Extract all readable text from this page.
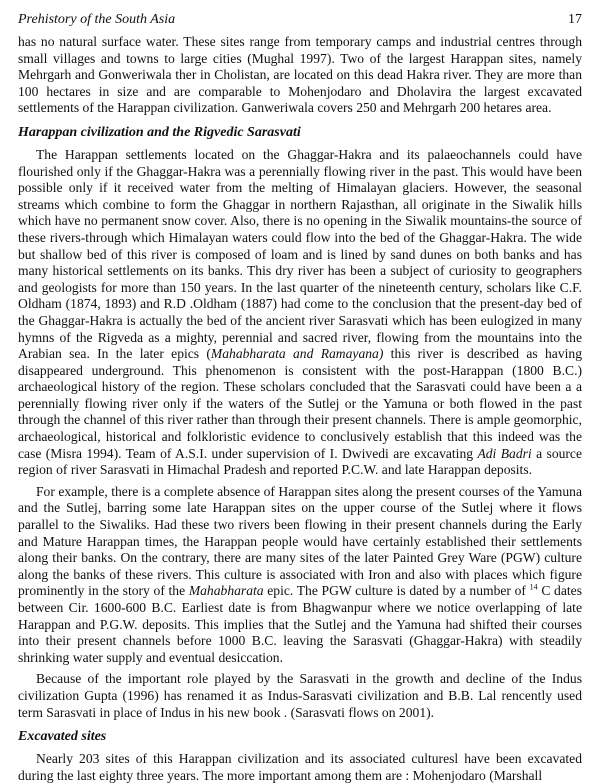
Prehistory of the South Asia	17

has no natural surface water. These sites range from temporary camps and industrial centres through small villages and towns to large cities (Mughal 1997). Two of the largest Harappan sites, namely Mehrgarh and Gonweriwala ther in Cholistan, are located on this dead Hakra river. They are more than 100 hectares in size and are comparable to Mohenjodaro and Dholavira the largest excavated settlements of the Harappan civilization. Ganweriwala covers 250 and Mehrgarh 200 hetares area.

Harappan civilization and the Rigvedic Sarasvati

The Harappan settlements located on the Ghaggar-Hakra and its palaeochannels could have flourished only if the Ghaggar-Hakra was a perennially flowing river in the past. This would have been possible only if it received water from the melting of Himalayan glaciers. However, the seasonal streams which combine to form the Ghaggar in northern Rajasthan, all originate in the Siwalik hills which have no permanent snow cover. Also, there is no opening in the Siwalik mountains-the source of these rivers-through which Himalayan waters could flow into the bed of the Ghaggar-Hakra. The wide but shallow bed of this river is composed of loam and is lined by sand dunes on both banks and has many historical settlements on its banks. This dry river has been a subject of curiosity to geographers and geologists for more than 150 years. In the last quarter of the nineteenth century, scholars like C.F. Oldham (1874, 1893) and R.D .Oldham (1887) had come to the conclusion that the present-day bed of the Ghaggar-Hakra is actually the bed of the ancient river Sarasvati which has been eulogized in many hymns of the Rigveda as a mighty, perennial and sacred river, flowing from the mountains into the Arabian sea. In the later epics (Mahabharata and Ramayana) this river is described as having disappeared underground. This phenomenon is consistent with the post-Harappan (1800 B.C.) archaeological history of the region. These scholars concluded that the Sarasvati could have been a a perennially flowing river only if the waters of the Sutlej or the Yamuna or both flowed in the past through the channel of this river rather than through their present channels. There is ample geomorphic, archaeological, historical and folkloristic evidence to conclusively establish that this indeed was the case (Misra 1994). Team of A.S.I. under supervision of I. Dwivedi are excavating Adi Badri a source region of river Sarasvati in Himachal Pradesh and reported P.C.W. and late Harappan deposits.

For example, there is a complete absence of Harappan sites along the present courses of the Yamuna and the Sutlej, barring some late Harappan sites on the upper course of the Sutlej where it flows parallel to the Siwaliks. Had these two rivers been flowing in their present channels during the Early and Mature Harappan times, the Harappan people would have certainly established their settlements along their banks. On the contrary, there are many sites of the later Painted Grey Ware (PGW) culture along the banks of these rivers. This culture is associated with Iron and also with places which figure prominently in the story of the Mahabharata epic. The PGW culture is dated by a number of $^{14}$ C dates between Cir. 1600-600 B.C. Earliest date is from Bhagwanpur where we notice overlapping of late Harappan and P.G.W. deposits. This implies that the Sutlej and the Yamuna had shifted their courses into their present channels before 1000 B.C. leaving the Sarasvati (Ghaggar-Hakra) with steadily shrinking water supply and eventual desiccation.

Because of the important role played by the Sarasvati in the growth and decline of the Indus civilization Gupta (1996) has renamed it as Indus-Sarasvati civilization and B.B. Lal rencently used term Sarasvati in place of Indus in his new book . (Sarasvati flows on 2001).

Excavated sites

Nearly 203 sites of this Harappan civilization and its associated culturesl have been excavated during the last eighty three years. The more important among them are : Mohenjodaro (Marshall
